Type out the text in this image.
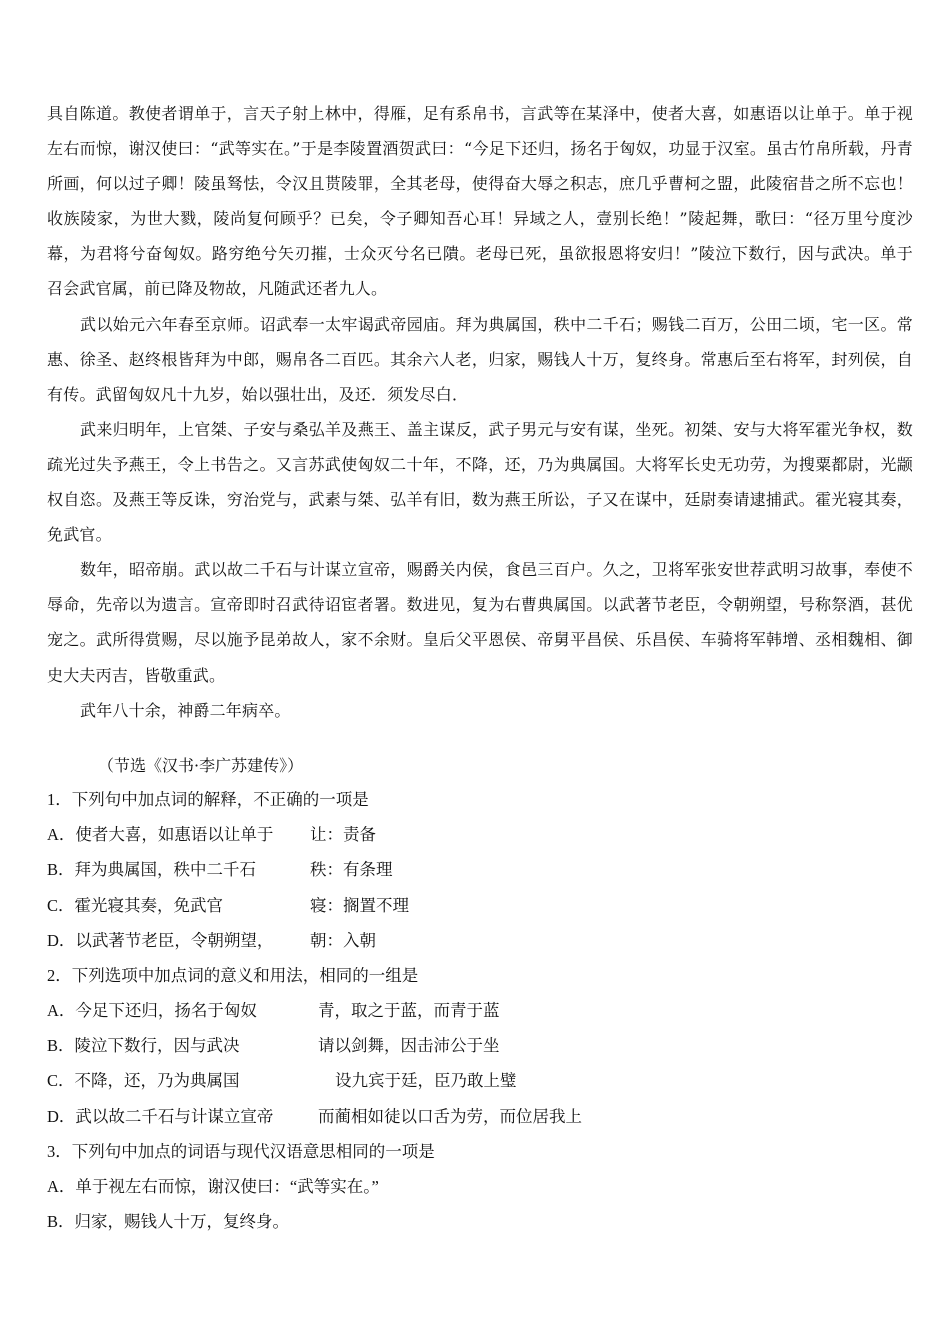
具自陈道。教使者谓单于，言天子射上林中，得雁，足有系帛书，言武等在某泽中，使者大喜，如惠语以让单于。单于视左右而惊，谢汉使曰：“武等实在。”于是李陵置酒贺武曰：“今足下还归，扬名于匈奴，功显于汉室。虽古竹帛所载，丹青所画，何以过子卿！陵虽驽怯，令汉且贳陵罪，全其老母，使得奋大辱之积志，庶几乎曹柯之盟，此陵宿昔之所不忘也！收族陵家，为世大戮，陵尚复何顾乎？已矣，令子卿知吾心耳！异域之人，壹别长绝！”陵起舞，歌曰：“径万里兮度沙幕，为君将兮奋匈奴。路穷绝兮矢刃摧，士众灭兮名已隤。老母已死，虽欲报恩将安归！”陵泣下数行，因与武决。单于召会武官属，前已降及物故，凡随武还者九人。

武以始元六年春至京师。诏武奉一太牢谒武帝园庙。拜为典属国，秩中二千石；赐钱二百万，公田二顷，宅一区。常惠、徐圣、赵终根皆拜为中郎，赐帛各二百匹。其余六人老，归家，赐钱人十万，复终身。常惠后至右将军，封列侯，自有传。武留匈奴凡十九岁，始以强壮出，及还．须发尽白．

武来归明年，上官桀、子安与桑弘羊及燕王、盖主谋反，武子男元与安有谋，坐死。初桀、安与大将军霍光争权，数疏光过失予燕王，令上书告之。又言苏武使匈奴二十年，不降，还，乃为典属国。大将军长史无功劳，为搜粟都尉，光颛权自恣。及燕王等反诛，穷治党与，武素与桀、弘羊有旧，数为燕王所讼，子又在谋中，廷尉奏请逮捕武。霍光寝其奏，免武官。

数年，昭帝崩。武以故二千石与计谋立宣帝，赐爵关内侯，食邑三百户。久之，卫将军张安世荐武明习故事，奉使不辱命，先帝以为遗言。宣帝即时召武待诏宦者署。数进见，复为右曹典属国。以武著节老臣，令朝朔望，号称祭酒，甚优宠之。武所得赏赐，尽以施予昆弟故人，家不余财。皇后父平恩侯、帝舅平昌侯、乐昌侯、车骑将军韩增、丞相魏相、御史大夫丙吉，皆敬重武。

武年八十余，神爵二年病卒。

（节选《汉书·李广苏建传》）
1．下列句中加点词的解释，不正确的一项是
A．使者大喜，如惠语以让单于 让：责备
B．拜为典属国，秩中二千石	秩：有条理
C．霍光寝其奏，免武官	寝：搁置不理
D．以武著节老臣，令朝朔望， 朝：入朝
2．下列选项中加点词的意义和用法，相同的一组是
A．今足下还归，扬名于匈奴	青，取之于蓝，而青于蓝
B．陵泣下数行，因与武决	请以剑舞，因击沛公于坐
C．不降，还，乃为典属国	设九宾于廷，臣乃敢上璧
D．武以故二千石与计谋立宣帝	而蔺相如徒以口舌为劳，而位居我上
3．下列句中加点的词语与现代汉语意思相同的一项是
A．单于视左右而惊，谢汉使曰：“武等实在。”
B．归家，赐钱人十万，复终身。
